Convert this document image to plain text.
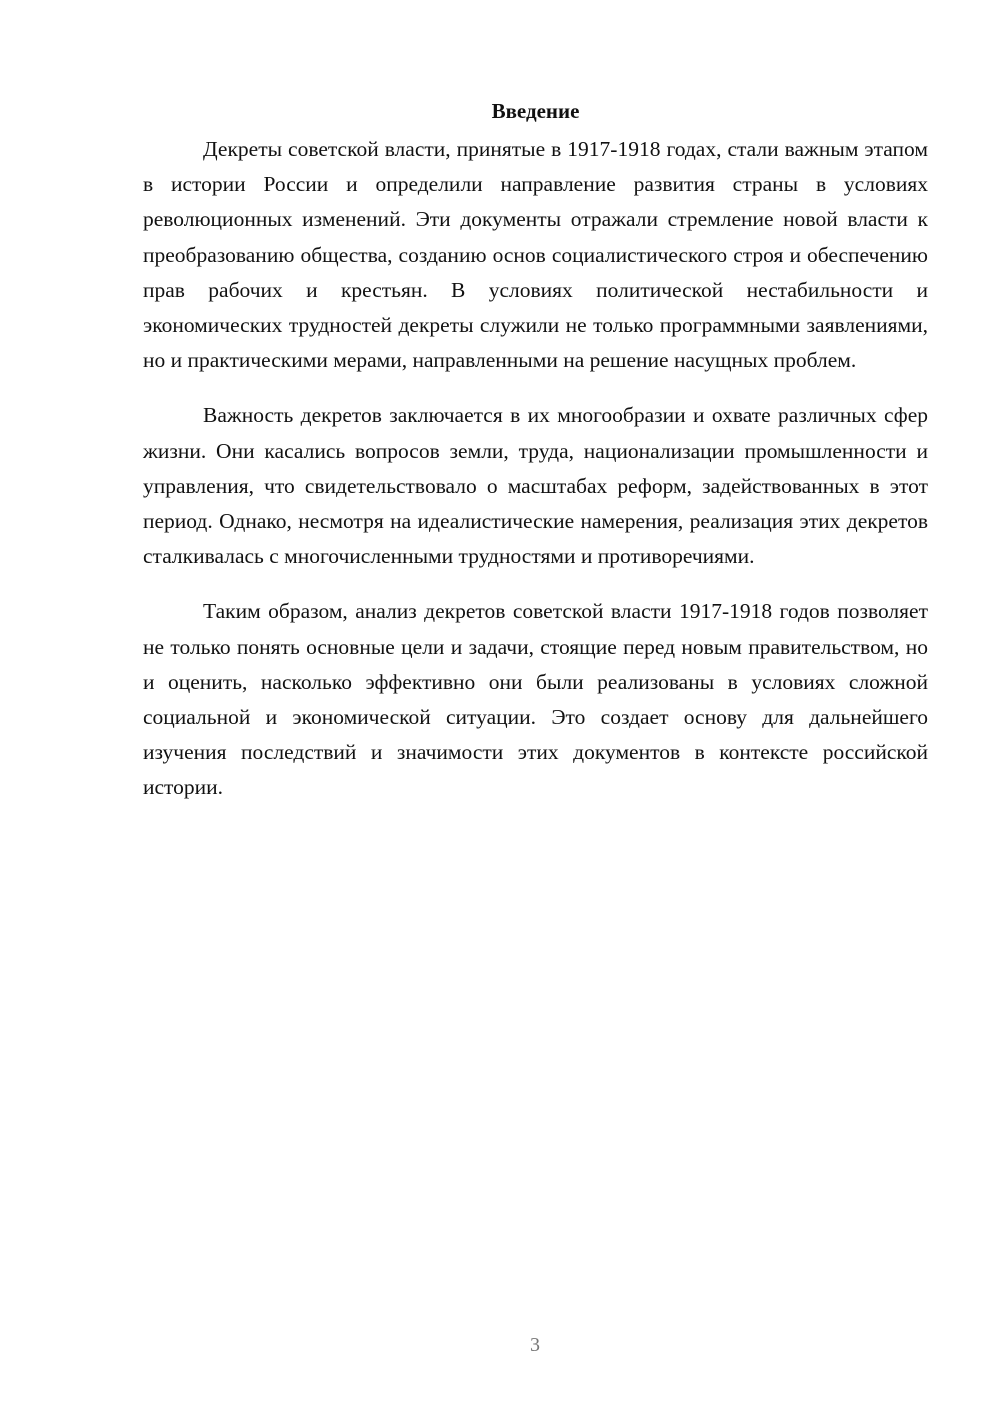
Введение

Декреты советской власти, принятые в 1917-1918 годах, стали важным этапом в истории России и определили направление развития страны в условиях революционных изменений. Эти документы отражали стремление новой власти к преобразованию общества, созданию основ социалистического строя и обеспечению прав рабочих и крестьян. В условиях политической нестабильности и экономических трудностей декреты служили не только программными заявлениями, но и практическими мерами, направленными на решение насущных проблем.

Важность декретов заключается в их многообразии и охвате различных сфер жизни. Они касались вопросов земли, труда, национализации промышленности и управления, что свидетельствовало о масштабах реформ, задействованных в этот период. Однако, несмотря на идеалистические намерения, реализация этих декретов сталкивалась с многочисленными трудностями и противоречиями.

Таким образом, анализ декретов советской власти 1917-1918 годов позволяет не только понять основные цели и задачи, стоящие перед новым правительством, но и оценить, насколько эффективно они были реализованы в условиях сложной социальной и экономической ситуации. Это создает основу для дальнейшего изучения последствий и значимости этих документов в контексте российской истории.

3
